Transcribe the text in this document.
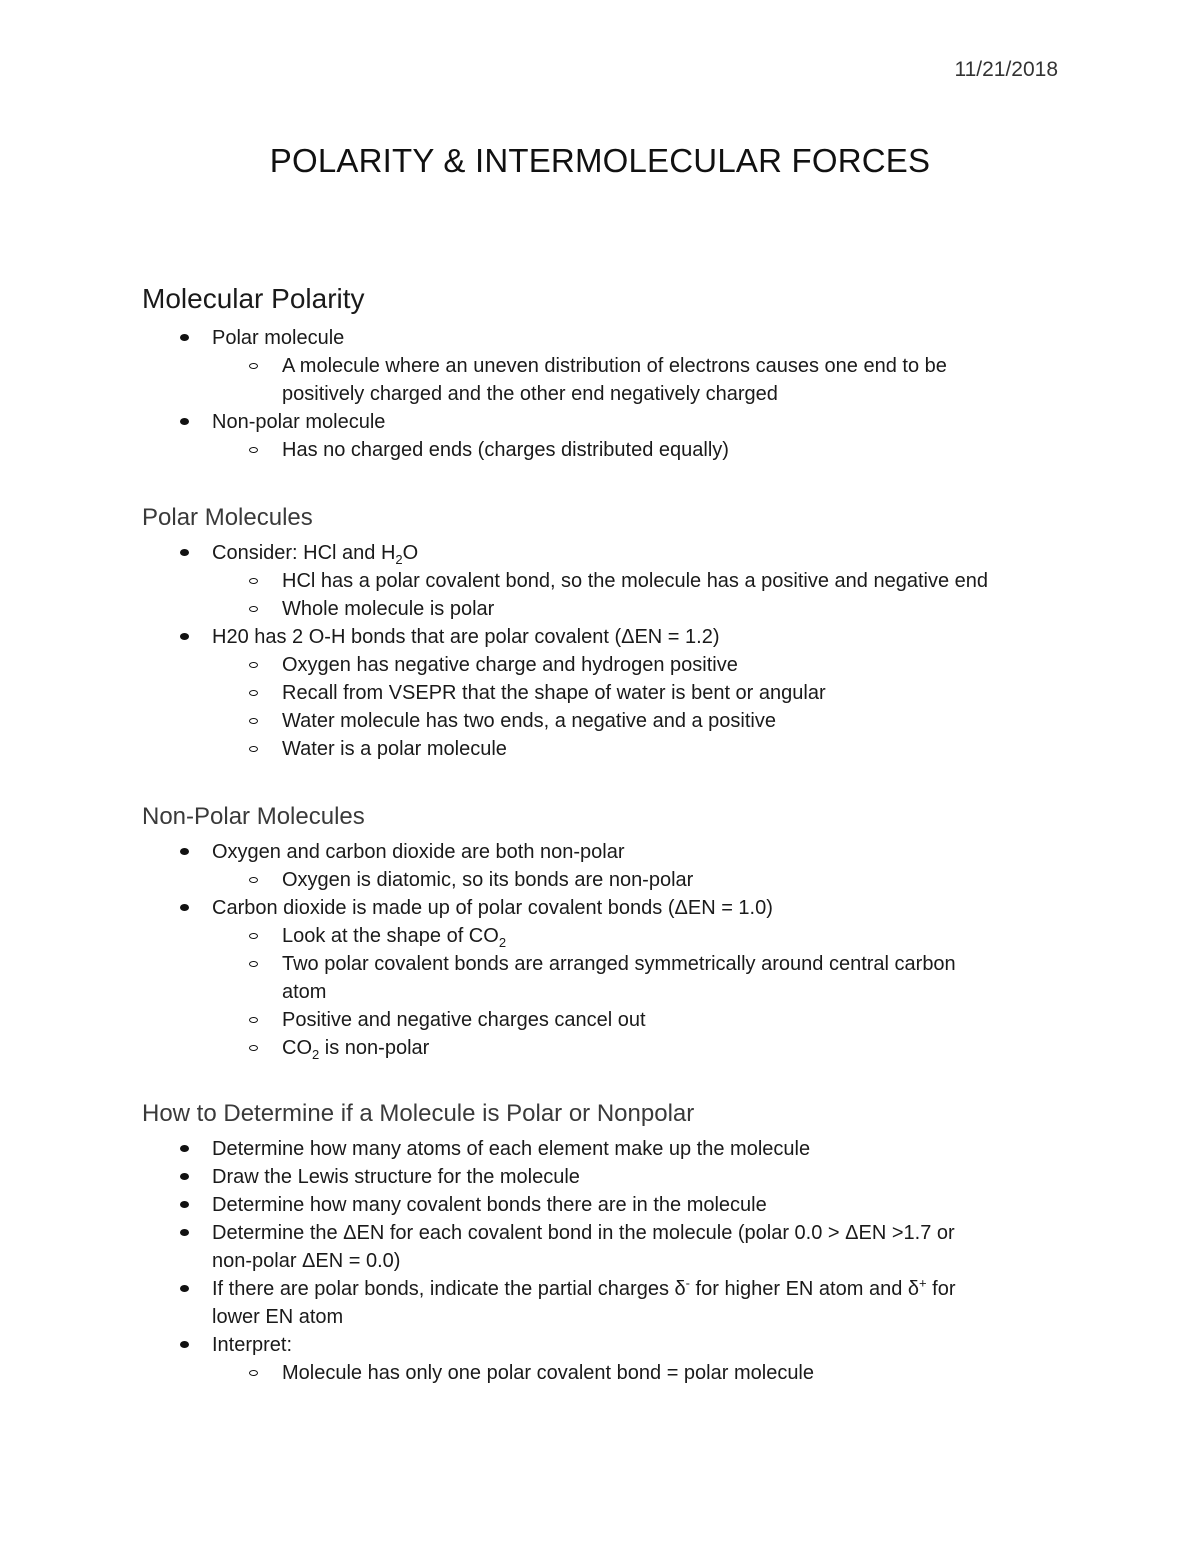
11/21/2018
POLARITY & INTERMOLECULAR FORCES
Molecular Polarity
Polar molecule
A molecule where an uneven distribution of electrons causes one end to be
positively charged and the other end negatively charged
Non-polar molecule
Has no charged ends (charges distributed equally)
Polar Molecules
Consider: HCl and $H_2O$
HCl has a polar covalent bond, so the molecule has a positive and negative end
Whole molecule is polar
H20 has 2 O-H bonds that are polar covalent (ΔEN = 1.2)
Oxygen has negative charge and hydrogen positive
Recall from VSEPR that the shape of water is bent or angular
Water molecule has two ends, a negative and a positive
Water is a polar molecule
Non-Polar Molecules
Oxygen and carbon dioxide are both non-polar
Oxygen is diatomic, so its bonds are non-polar
Carbon dioxide is made up of polar covalent bonds (ΔEN = 1.0)
Look at the shape of $CO_2$
Two polar covalent bonds are arranged symmetrically around central carbon
atom
Positive and negative charges cancel out
$CO_2$ is non-polar
How to Determine if a Molecule is Polar or Nonpolar
Determine how many atoms of each element make up the molecule
Draw the Lewis structure for the molecule
Determine how many covalent bonds there are in the molecule
Determine the ΔEN for each covalent bond in the molecule (polar 0.0 > ΔEN >1.7 or
non-polar ΔEN = 0.0)
If there are polar bonds, indicate the partial charges δ- for higher EN atom and δ+ for
lower EN atom
Interpret:
Molecule has only one polar covalent bond = polar molecule
